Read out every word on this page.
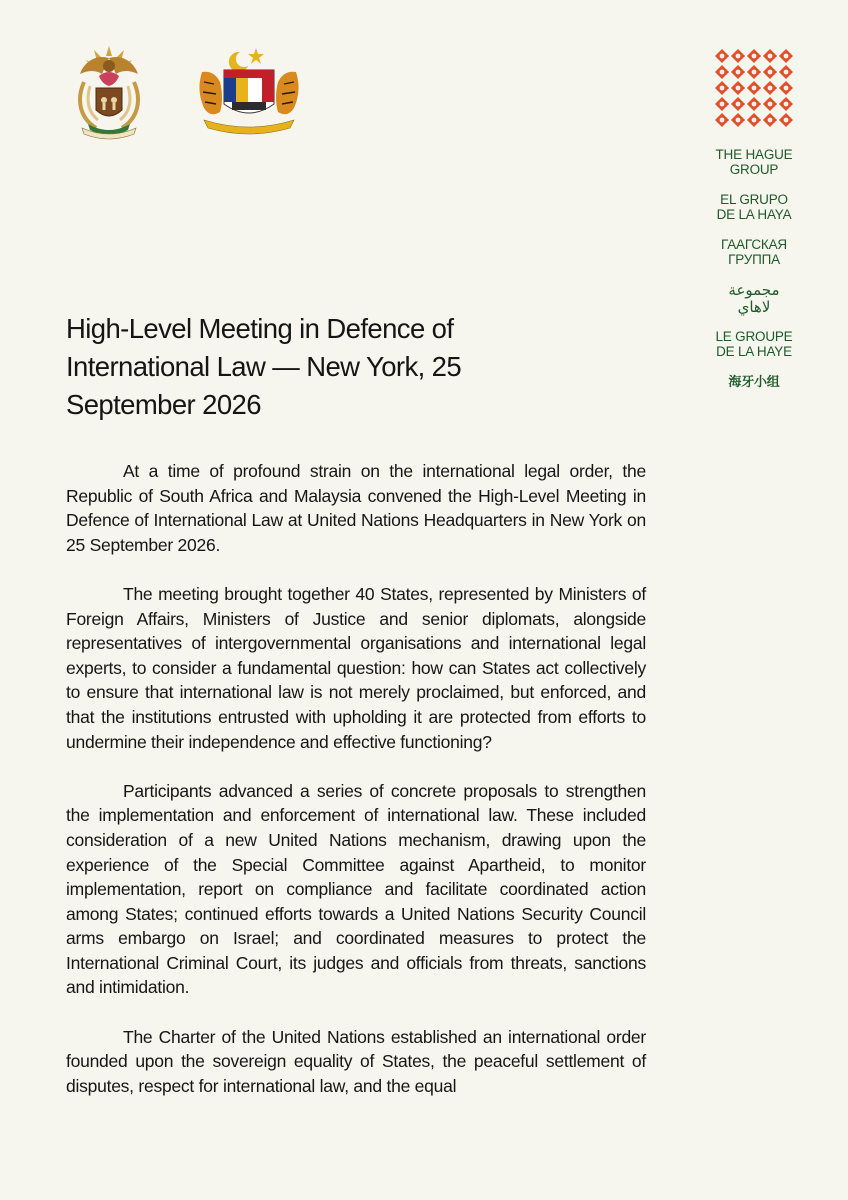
THE HAGUE
GROUP
EL GRUPO
DE LA HAYA
ГААГСКАЯ
ГРУППА
مجموعة
لاهاي
LE GROUPE
DE LA HAYE
海牙小组
High-Level Meeting in Defence of International Law — New York, 25 September 2026

At a time of profound strain on the international legal order, the Republic of South Africa and Malaysia convened the High-Level Meeting in Defence of International Law at United Nations Headquarters in New York on 25 September 2026.

The meeting brought together 40 States, represented by Ministers of Foreign Affairs, Ministers of Justice and senior diplomats, alongside representatives of intergovernmental organisations and international legal experts, to consider a fundamental question: how can States act collectively to ensure that international law is not merely proclaimed, but enforced, and that the institutions entrusted with upholding it are protected from efforts to undermine their independence and effective functioning?

Participants advanced a series of concrete proposals to strengthen the implementation and enforcement of international law. These included consideration of a new United Nations mechanism, drawing upon the experience of the Special Committee against Apartheid, to monitor implementation, report on compliance and facilitate coordinated action among States; continued efforts towards a United Nations Security Council arms embargo on Israel; and coordinated measures to protect the International Criminal Court, its judges and officials from threats, sanctions and intimidation.

The Charter of the United Nations established an international order founded upon the sovereign equality of States, the peaceful settlement of disputes, respect for international law, and the equal
